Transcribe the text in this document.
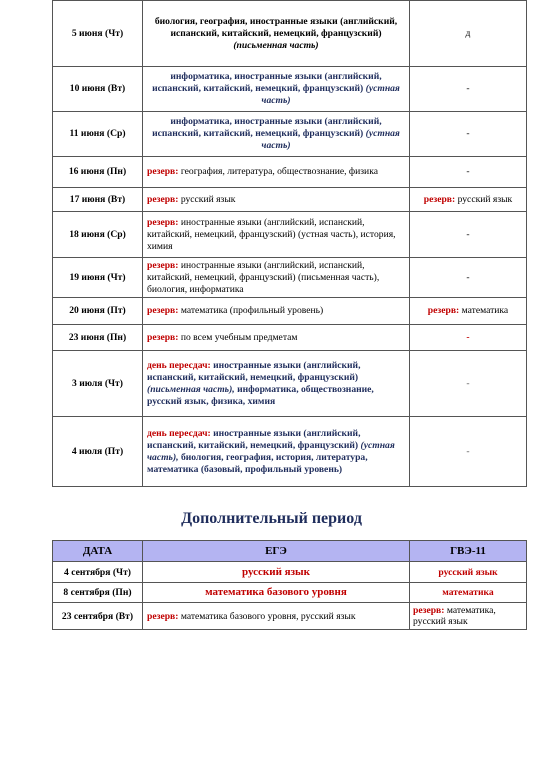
5 июня (Чт)	биология, география, иностранные языки (английский, испанский, китайский, немецкий, французский) (письменная часть)	д
10 июня (Вт)	информатика, иностранные языки (английский, испанский, китайский, немецкий, французский) (устная часть)	-
11 июня (Ср)	информатика, иностранные языки (английский, испанский, китайский, немецкий, французский) (устная часть)	-
16 июня (Пн)	резерв: география, литература, обществознание, физика	-
17 июня (Вт)	резерв: русский язык	резерв: русский язык
18 июня (Ср)	резерв: иностранные языки (английский, испанский, китайский, немецкий, французский) (устная часть), история, химия	-
19 июня (Чт)	резерв: иностранные языки (английский, испанский, китайский, немецкий, французский) (письменная часть), биология, информатика	-
20 июня (Пт)	резерв: математика (профильный уровень)	резерв: математика
23 июня (Пн)	резерв: по всем учебным предметам	-
3 июля (Чт)	день пересдач: иностранные языки (английский, испанский, китайский, немецкий, французский) (письменная часть), информатика, обществознание, русский язык, физика, химия	-
4 июля (Пт)	день пересдач: иностранные языки (английский, испанский, китайский, немецкий, французский) (устная часть), биология, география, история, литература, математика (базовый, профильный уровень)	-
Дополнительный период
ДАТА	ЕГЭ	ГВЭ-11
4 сентября (Чт)	русский язык	русский язык
8 сентября (Пн)	математика базового уровня	математика
23 сентября (Вт)	резерв: математика базового уровня, русский язык	резерв: математика, русский язык
